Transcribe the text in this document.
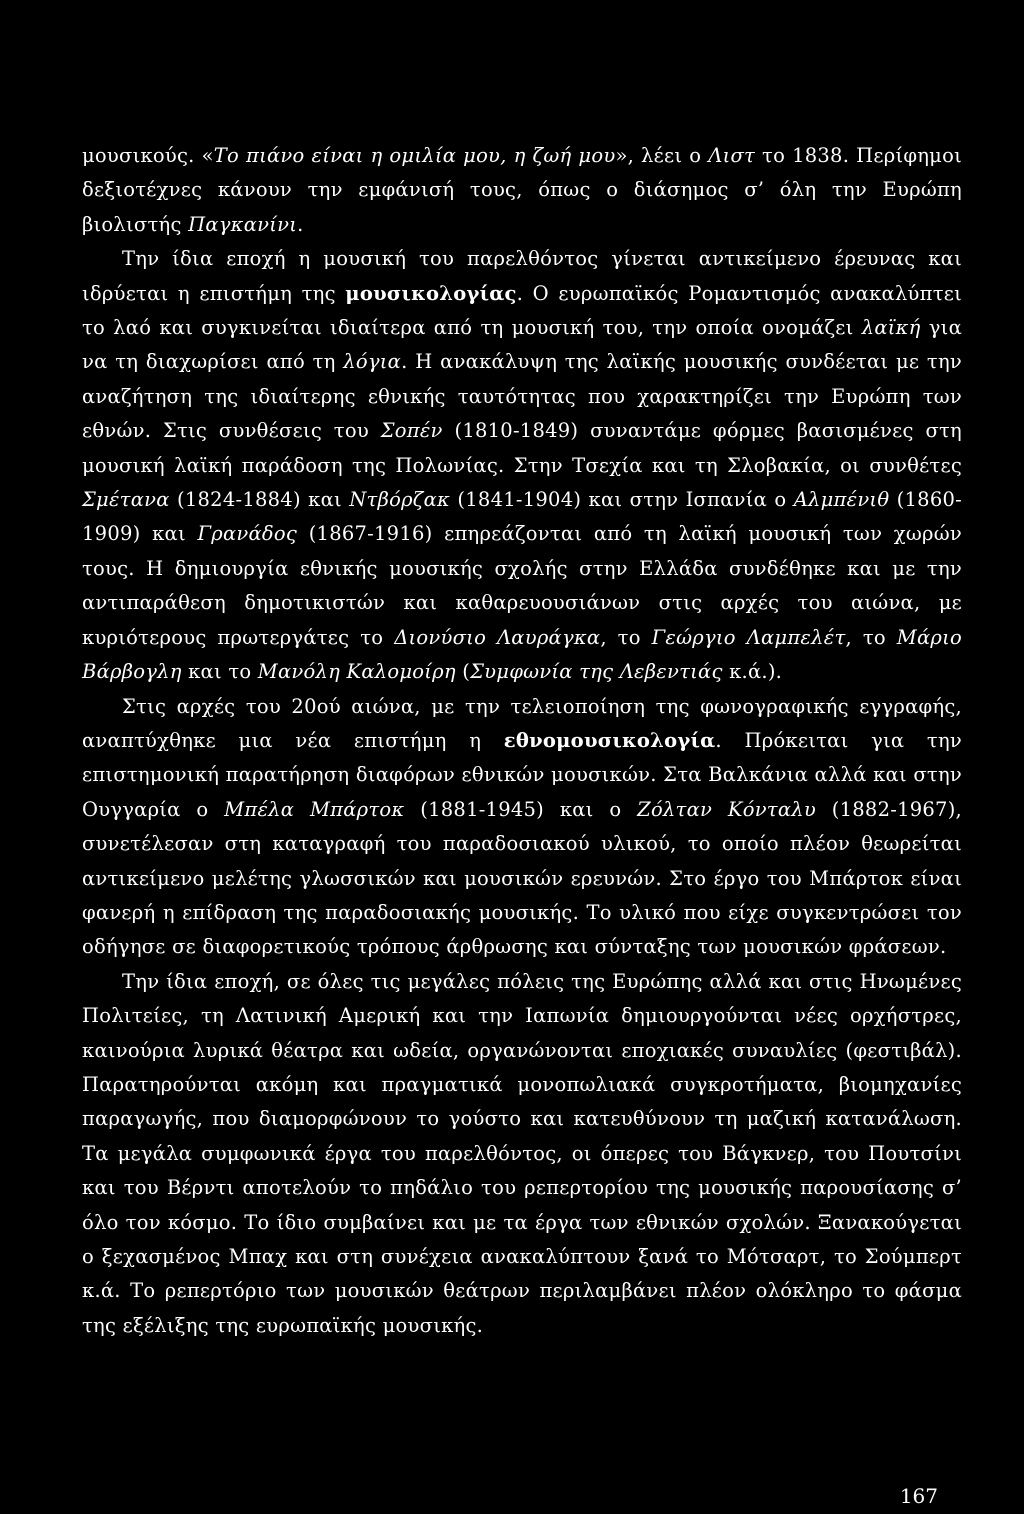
μουσικούς. «Το πιάνο είναι η ομιλία μου, η ζωή μου», λέει ο Λιστ το 1838. Περίφημοι δεξιοτέχνες κάνουν την εμφάνισή τους, όπως ο διάσημος σ’ όλη την Ευρώπη βιολιστής Παγκανίνι.

Την ίδια εποχή η μουσική του παρελθόντος γίνεται αντικείμενο έρευνας και ιδρύεται η επιστήμη της μουσικολογίας. Ο ευρωπαϊκός Ρομαντισμός ανακαλύπτει το λαό και συγκινείται ιδιαίτερα από τη μουσική του, την οποία ονομάζει λαϊκή για να τη διαχωρίσει από τη λόγια. Η ανακάλυψη της λαϊκής μουσικής συνδέεται με την αναζήτηση της ιδιαίτερης εθνικής ταυτότητας που χαρακτηρίζει την Ευρώπη των εθνών. Στις συνθέσεις του Σοπέν (1810-1849) συναντάμε φόρμες βασισμένες στη μουσική λαϊκή παράδοση της Πολωνίας. Στην Τσεχία και τη Σλοβακία, οι συνθέτες Σμέτανα (1824-1884) και Ντβόρζακ (1841-1904) και στην Ισπανία ο Αλμπένιθ (1860-1909) και Γρανάδος (1867-1916) επηρεάζονται από τη λαϊκή μουσική των χωρών τους. Η δημιουργία εθνικής μουσικής σχολής στην Ελλάδα συνδέθηκε και με την αντιπαράθεση δημοτικιστών και καθαρευουσιάνων στις αρχές του αιώνα, με κυριότερους πρωτεργάτες το Διονύσιο Λαυράγκα, το Γεώργιο Λαμπελέτ, το Μάριο Βάρβογλη και το Μανόλη Καλομοίρη (Συμφωνία της Λεβεντιάς κ.ά.).

Στις αρχές του 20ού αιώνα, με την τελειοποίηση της φωνογραφικής εγγραφής, αναπτύχθηκε μια νέα επιστήμη η εθνομουσικολογία. Πρόκειται για την επιστημονική παρατήρηση διαφόρων εθνικών μουσικών. Στα Βαλκάνια αλλά και στην Ουγγαρία ο Μπέλα Μπάρτοκ (1881-1945) και ο Ζόλταν Κόνταλυ (1882-1967), συνετέλεσαν στη καταγραφή του παραδοσιακού υλικού, το οποίο πλέον θεωρείται αντικείμενο μελέτης γλωσσικών και μουσικών ερευνών. Στο έργο του Μπάρτοκ είναι φανερή η επίδραση της παραδοσιακής μουσικής. Το υλικό που είχε συγκεντρώσει τον οδήγησε σε διαφορετικούς τρόπους άρθρωσης και σύνταξης των μουσικών φράσεων.

Την ίδια εποχή, σε όλες τις μεγάλες πόλεις της Ευρώπης αλλά και στις Ηνωμένες Πολιτείες, τη Λατινική Αμερική και την Ιαπωνία δημιουργούνται νέες ορχήστρες, καινούρια λυρικά θέατρα και ωδεία, οργανώνονται εποχιακές συναυλίες (φεστιβάλ). Παρατηρούνται ακόμη και πραγματικά μονοπωλιακά συγκροτήματα, βιομηχανίες παραγωγής, που διαμορφώνουν το γούστο και κατευθύνουν τη μαζική κατανάλωση. Τα μεγάλα συμφωνικά έργα του παρελθόντος, οι όπερες του Βάγκνερ, του Πουτσίνι και του Βέρντι αποτελούν το πηδάλιο του ρεπερτορίου της μουσικής παρουσίασης σ’ όλο τον κόσμο. Το ίδιο συμβαίνει και με τα έργα των εθνικών σχολών. Ξανακούγεται ο ξεχασμένος Μπαχ και στη συνέχεια ανακαλύπτουν ξανά το Μότσαρτ, το Σούμπερτ κ.ά. Το ρεπερτόριο των μουσικών θεάτρων περιλαμβάνει πλέον ολόκληρο το φάσμα της εξέλιξης της ευρωπαϊκής μουσικής.

167
